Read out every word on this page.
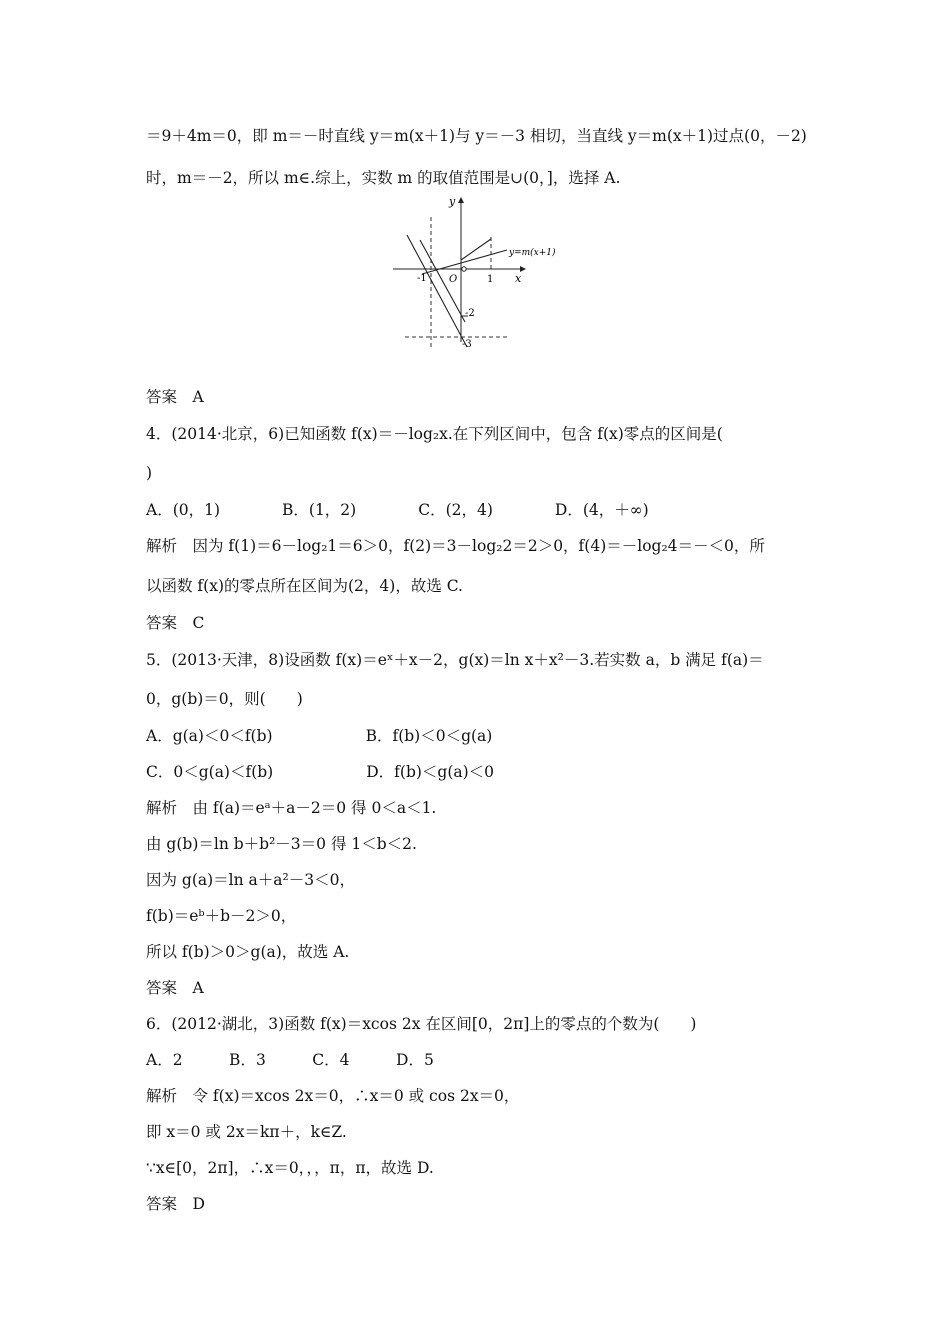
＝9＋4m＝0，即 m＝－时直线 y＝m(x＋1)与 y＝－3 相切，当直线 y＝m(x＋1)过点(0，－2)
时，m＝－2，所以 m∈.综上，实数 m 的取值范围是∪(0，]，选择 A.
y
x
y=m(x+1)
-1	1
O
-2
-3
答案　A
4．(2014·北京，6)已知函数 f(x)＝－log₂x.在下列区间中，包含 f(x)零点的区间是(
)
A．(0，1)　　　　B．(1，2)　　　　C．(2，4)　　　　D．(4，＋∞)
解析　因为 f(1)＝6－log₂1＝6＞0，f(2)＝3－log₂2＝2＞0，f(4)＝－log₂4＝－＜0，所
以函数 f(x)的零点所在区间为(2，4)，故选 C.
答案　C
5．(2013·天津，8)设函数 f(x)＝eˣ＋x－2，g(x)＝ln x＋x²－3.若实数 a，b 满足 f(a)＝
0，g(b)＝0，则(　　)
A．g(a)＜0＜f(b)　　　　　　B．f(b)＜0＜g(a)
C．0＜g(a)＜f(b)　　　　　　D．f(b)＜g(a)＜0
解析　由 f(a)＝eᵃ＋a－2＝0 得 0＜a＜1.
由 g(b)＝ln b＋b²－3＝0 得 1＜b＜2.
因为 g(a)＝ln a＋a²－3＜0，
f(b)＝eᵇ＋b－2＞0，
所以 f(b)＞0＞g(a)，故选 A.
答案　A
6．(2012·湖北，3)函数 f(x)＝xcos 2x 在区间[0，2π]上的零点的个数为(　　)
A．2　　　B．3　　　C．4　　　D．5
解析　令 f(x)＝xcos 2x＝0，∴x＝0 或 cos 2x＝0，
即 x＝0 或 2x＝kπ＋，k∈Z.
∵x∈[0，2π]，∴x＝0，，，π，π，故选 D.
答案　D
